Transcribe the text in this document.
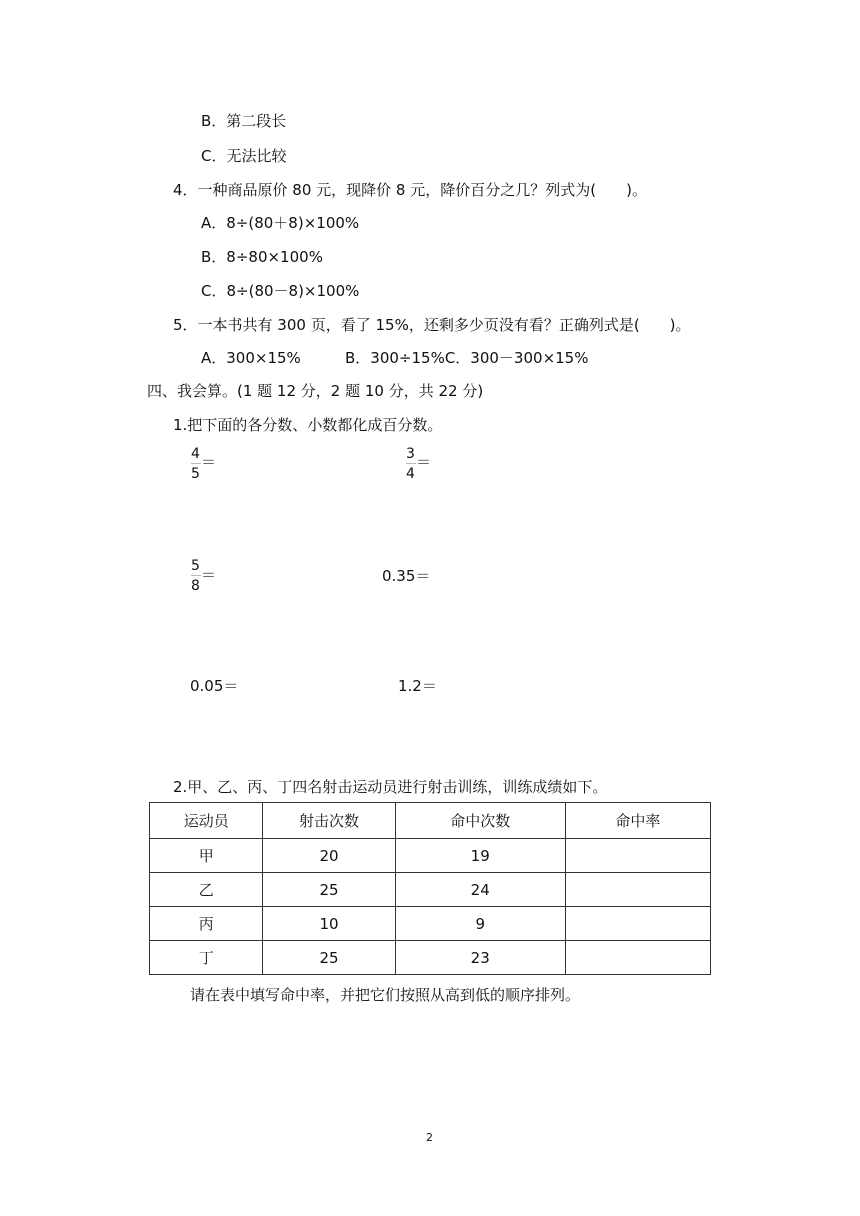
B．第二段长
C．无法比较
4．一种商品原价 80 元，现降价 8 元，降价百分之几？列式为(　　)。
A．8÷(80＋8)×100%
B．8÷80×100%
C．8÷(80－8)×100%
5．一本书共有 300 页，看了 15%，还剩多少页没有看？正确列式是(　　)。
A．300×15%	B．300÷15%C．300－300×15%
四、我会算。(1 题 12 分，2 题 10 分，共 22 分)
1.把下面的各分数、小数都化成百分数。
$\frac{4}{5}$
＝	$\frac{3}{4}$
＝
$\frac{5}{8}$
＝	0.35＝
0.05＝	1.2＝
2.甲、乙、丙、丁四名射击运动员进行射击训练，训练成绩如下。
运动员	射击次数	命中次数	命中率
甲	20	19	
乙	25	24	
丙	10	9	
丁	25	23	
请在表中填写命中率，并把它们按照从高到低的顺序排列。
2
